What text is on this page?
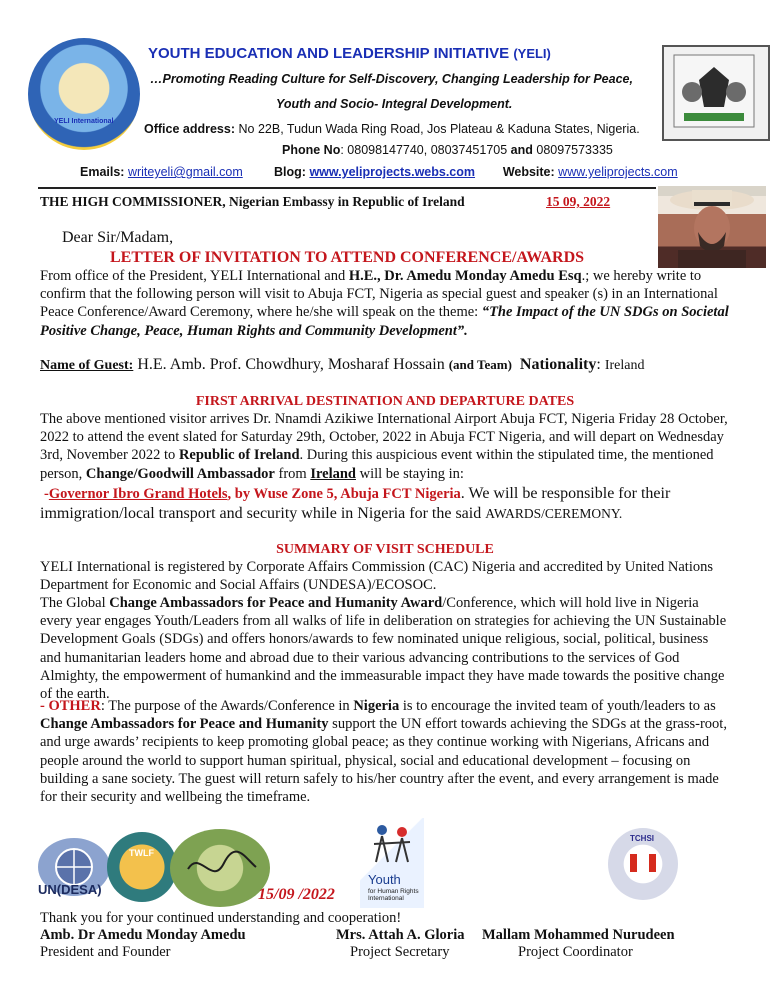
YELI International
YOUTH EDUCATION AND LEADERSHIP INITIATIVE (YELI)
…Promoting Reading Culture for Self-Discovery, Changing Leadership for Peace,
Youth and Socio- Integral Development.
Office address: No 22B, Tudun Wada Ring Road, Jos Plateau & Kaduna States, Nigeria.
Phone No: 08098147740, 08037451705 and 08097573335
Emails: writeyeli@gmail.com	Blog: www.yeliprojects.webs.com Website: www.yeliprojects.com
THE HIGH COMMISSIONER, Nigerian Embassy in Republic of Ireland	15 09, 2022
Dear Sir/Madam,
LETTER OF INVITATION TO ATTEND CONFERENCE/AWARDS
From office of the President, YELI International and H.E., Dr. Amedu Monday Amedu Esq.; we hereby write to confirm that the following person will visit to Abuja FCT, Nigeria as special guest and speaker (s) in an International Peace Conference/Award Ceremony, where he/she will speak on the theme: “The Impact of the UN SDGs on Societal Positive Change, Peace, Human Rights and Community Development”.
Name of Guest: H.E. Amb. Prof. Chowdhury, Mosharaf Hossain (and Team) Nationality: Ireland
FIRST ARRIVAL DESTINATION AND DEPARTURE DATES
The above mentioned visitor arrives Dr. Nnamdi Azikiwe International Airport Abuja FCT, Nigeria Friday 28 October, 2022 to attend the event slated for Saturday 29th, October, 2022 in Abuja FCT Nigeria, and will depart on Wednesday 3rd, November 2022 to Republic of Ireland. During this auspicious event within the stipulated time, the mentioned person, Change/Goodwill Ambassador from Ireland will be staying in:
-Governor Ibro Grand Hotels, by Wuse Zone 5, Abuja FCT Nigeria. We will be responsible for their immigration/local transport and security while in Nigeria for the said AWARDS/CEREMONY.
SUMMARY OF VISIT SCHEDULE
YELI International is registered by Corporate Affairs Commission (CAC) Nigeria and accredited by United Nations Department for Economic and Social Affairs (UNDESA)/ECOSOC.
The Global Change Ambassadors for Peace and Humanity Award/Conference, which will hold live in Nigeria every year engages Youth/Leaders from all walks of life in deliberation on strategies for achieving the UN Sustainable Development Goals (SDGs) and offers honors/awards to few nominated unique religious, social, political, business and humanitarian leaders home and abroad due to their various advancing contributions to the services of God Almighty, the empowerment of humankind and the immeasurable impact they have made towards the positive change of the earth.
- OTHER: The purpose of the Awards/Conference in Nigeria is to encourage the invited team of youth/leaders to as Change Ambassadors for Peace and Humanity support the UN effort towards achieving the SDGs at the grass-root, and urge awards’ recipients to keep promoting global peace; as they continue working with Nigerians, Africans and people around the world to support human spiritual, physical, social and educational development – focusing on building a sane society. The guest will return safely to his/her country after the event, and every arrangement is made for their security and wellbeing the timeframe.
UN(DESA)
TWLF
Youth
for Human Rights International
TCHSI
15/09 /2022
Thank you for your continued understanding and cooperation!
Amb. Dr Amedu Monday Amedu
President and Founder
Mrs. Attah A. Gloria
Project Secretary
Mallam Mohammed Nurudeen
Project Coordinator
